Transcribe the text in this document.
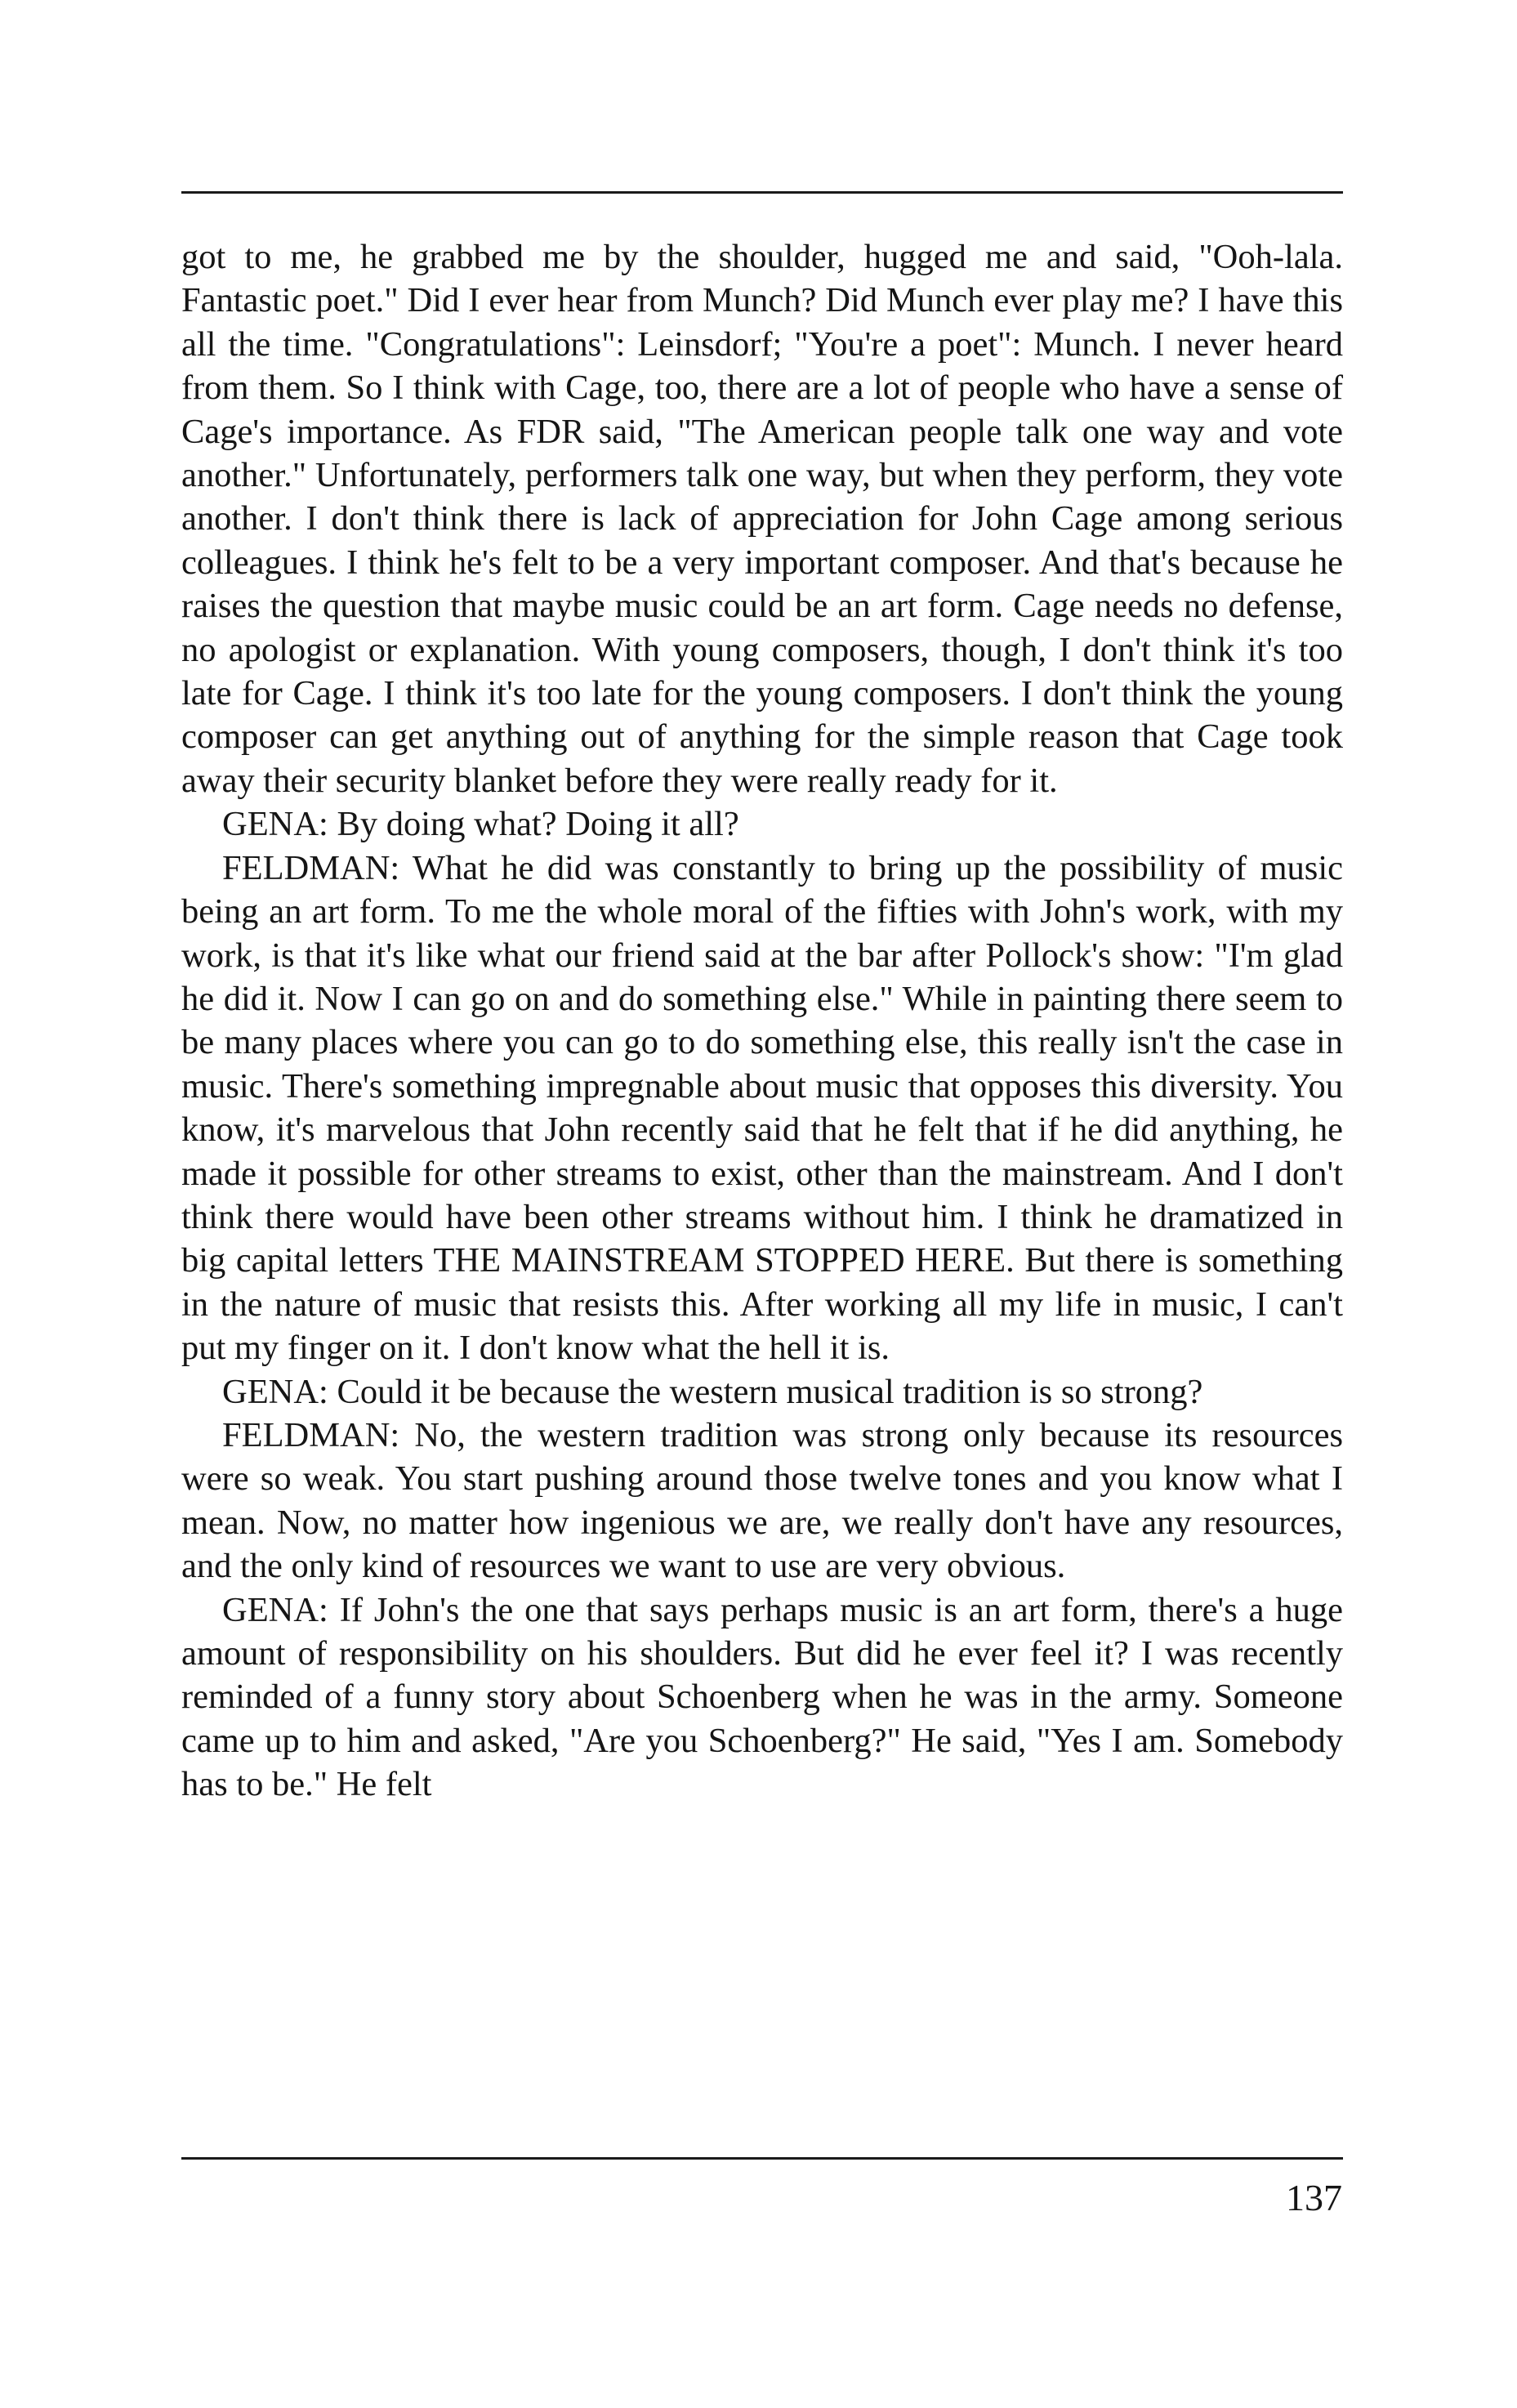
got to me, he grabbed me by the shoulder, hugged me and said, "Ooh-lala. Fantastic poet." Did I ever hear from Munch? Did Munch ever play me? I have this all the time. "Congratulations": Leinsdorf; "You're a poet": Munch. I never heard from them. So I think with Cage, too, there are a lot of people who have a sense of Cage's importance. As FDR said, "The American people talk one way and vote another." Unfortunately, performers talk one way, but when they perform, they vote another. I don't think there is lack of appreciation for John Cage among serious colleagues. I think he's felt to be a very important composer. And that's because he raises the question that maybe music could be an art form. Cage needs no defense, no apologist or explanation. With young composers, though, I don't think it's too late for Cage. I think it's too late for the young composers. I don't think the young composer can get anything out of anything for the simple reason that Cage took away their security blanket before they were really ready for it.

GENA: By doing what? Doing it all?

FELDMAN: What he did was constantly to bring up the possibility of music being an art form. To me the whole moral of the fifties with John's work, with my work, is that it's like what our friend said at the bar after Pollock's show: "I'm glad he did it. Now I can go on and do something else." While in painting there seem to be many places where you can go to do something else, this really isn't the case in music. There's something impregnable about music that opposes this diversity. You know, it's marvelous that John recently said that he felt that if he did anything, he made it possible for other streams to exist, other than the mainstream. And I don't think there would have been other streams without him. I think he dramatized in big capital letters THE MAINSTREAM STOPPED HERE. But there is something in the nature of music that resists this. After working all my life in music, I can't put my finger on it. I don't know what the hell it is.

GENA: Could it be because the western musical tradition is so strong?

FELDMAN: No, the western tradition was strong only because its resources were so weak. You start pushing around those twelve tones and you know what I mean. Now, no matter how ingenious we are, we really don't have any resources, and the only kind of resources we want to use are very obvious.

GENA: If John's the one that says perhaps music is an art form, there's a huge amount of responsibility on his shoulders. But did he ever feel it? I was recently reminded of a funny story about Schoenberg when he was in the army. Someone came up to him and asked, "Are you Schoenberg?" He said, "Yes I am. Somebody has to be." He felt

137
